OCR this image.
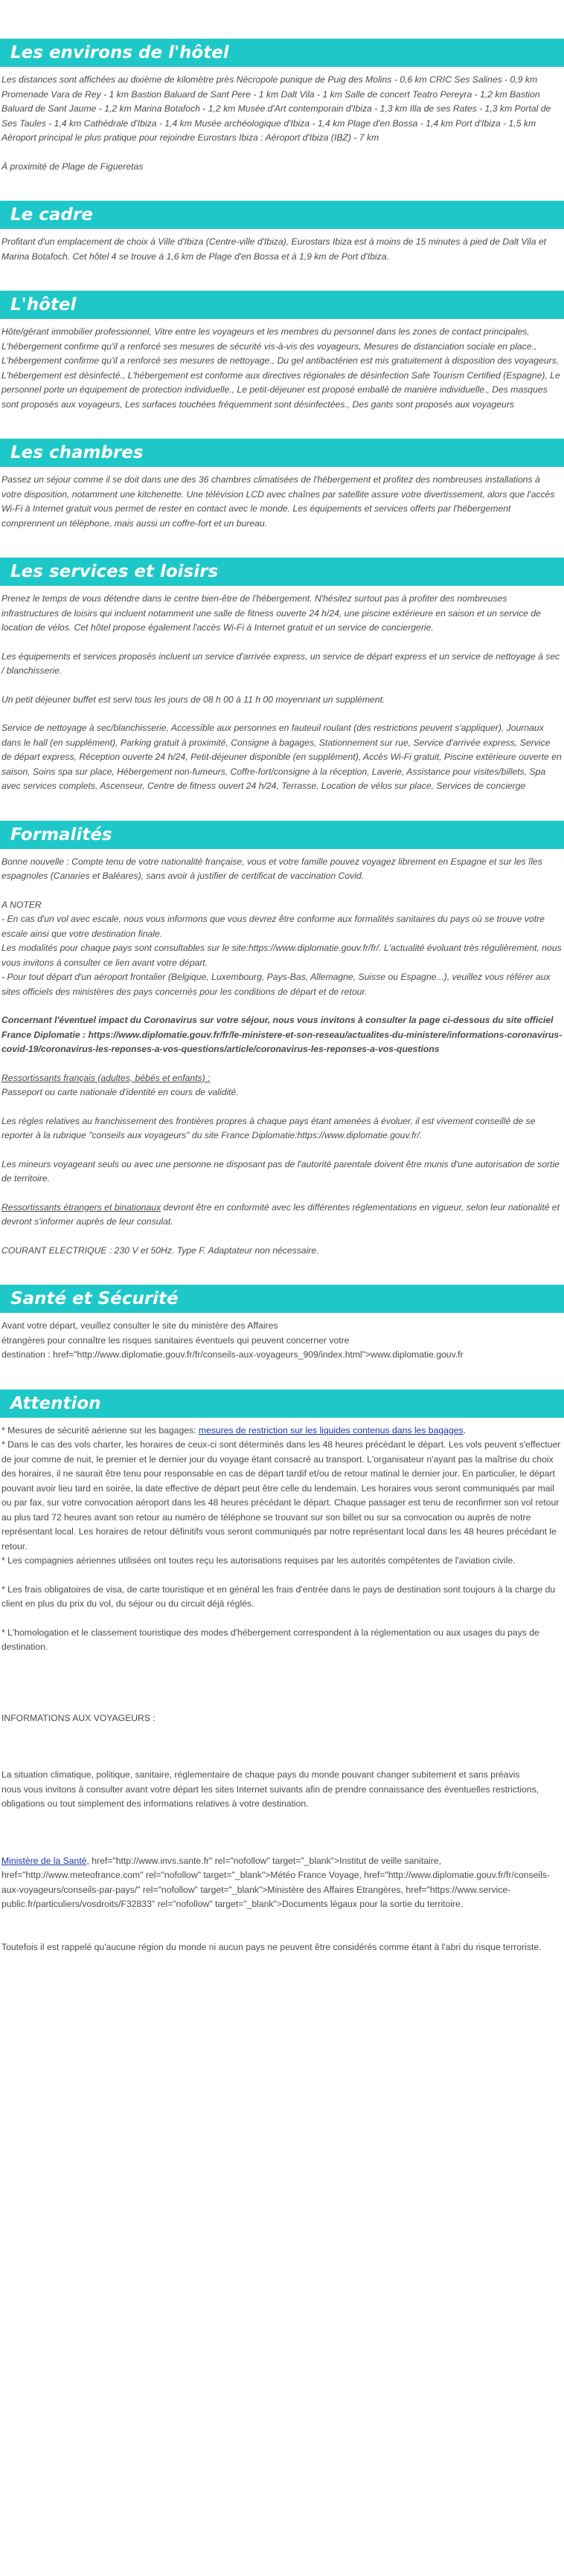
Les environs de l'hôtel

Les distances sont affichées au dixième de kilomètre près Nécropole punique de Puig des Molins - 0,6 km CRIC Ses Salines - 0,9 km Promenade Vara de Rey - 1 km Bastion Baluard de Sant Pere - 1 km Dalt Vila - 1 km Salle de concert Teatro Pereyra - 1,2 km Bastion Baluard de Sant Jaume - 1,2 km Marina Botafoch - 1,2 km Musée d'Art contemporain d'Ibiza - 1,3 km Illa de ses Rates - 1,3 km Portal de Ses Taules - 1,4 km Cathédrale d'Ibiza - 1,4 km Musée archéologique d'Ibiza - 1,4 km Plage d'en Bossa - 1,4 km Port d'Ibiza - 1,5 km Aéroport principal le plus pratique pour rejoindre Eurostars Ibiza : Aéroport d'Ibiza (IBZ) - 7 km

À proximité de Plage de Figueretas

Le cadre

Profitant d'un emplacement de choix à Ville d'Ibiza (Centre-ville d'Ibiza), Eurostars Ibiza est à moins de 15 minutes à pied de Dalt Vila et Marina Botafoch. Cet hôtel 4 se trouve à 1,6 km de Plage d'en Bossa et à 1,9 km de Port d'Ibiza.

L'hôtel

Hôte/gérant immobilier professionnel, Vitre entre les voyageurs et les membres du personnel dans les zones de contact principales, L'hébergement confirme qu'il a renforcé ses mesures de sécurité vis-à-vis des voyageurs, Mesures de distanciation sociale en place., L'hébergement confirme qu'il a renforcé ses mesures de nettoyage., Du gel antibactérien est mis gratuitement à disposition des voyageurs, L'hébergement est désinfecté., L'hébergement est conforme aux directives régionales de désinfection Safe Tourism Certified (Espagne), Le personnel porte un équipement de protection individuelle., Le petit-déjeuner est proposé emballé de manière individuelle., Des masques sont proposés aux voyageurs, Les surfaces touchées fréquemment sont désinfectées., Des gants sont proposés aux voyageurs

Les chambres

Passez un séjour comme il se doit dans une des 36 chambres climatisées de l'hébergement et profitez des nombreuses installations à votre disposition, notamment une kitchenette. Une télévision LCD avec chaînes par satellite assure votre divertissement, alors que l'accès Wi-Fi à Internet gratuit vous permet de rester en contact avec le monde. Les équipements et services offerts par l'hébergement comprennent un téléphone, mais aussi un coffre-fort et un bureau.

Les services et loisirs

Prenez le temps de vous détendre dans le centre bien-être de l'hébergement. N'hésitez surtout pas à profiter des nombreuses infrastructures de loisirs qui incluent notamment une salle de fitness ouverte 24 h/24, une piscine extérieure en saison et un service de location de vélos. Cet hôtel propose également l'accès Wi-Fi à Internet gratuit et un service de conciergerie.

Les équipements et services proposés incluent un service d'arrivée express, un service de départ express et un service de nettoyage à sec / blanchisserie.

Un petit déjeuner buffet est servi tous les jours de 08 h 00 à 11 h 00 moyennant un supplément.

Service de nettoyage à sec/blanchisserie, Accessible aux personnes en fauteuil roulant (des restrictions peuvent s'appliquer), Journaux dans le hall (en supplément), Parking gratuit à proximité, Consigne à bagages, Stationnement sur rue, Service d'arrivée express, Service de départ express, Réception ouverte 24 h/24, Petit-déjeuner disponible (en supplément), Accès Wi-Fi gratuit, Piscine extérieure ouverte en saison, Soins spa sur place, Hébergement non-fumeurs, Coffre-fort/consigne à la réception, Laverie, Assistance pour visites/billets, Spa avec services complets, Ascenseur, Centre de fitness ouvert 24 h/24, Terrasse, Location de vélos sur place, Services de concierge

Formalités

Bonne nouvelle : Compte tenu de votre nationalité française, vous et votre famille pouvez voyagez librement en Espagne et sur les îles espagnoles (Canaries et Baléares), sans avoir à justifier de certificat de vaccination Covid.

A NOTER

- En cas d'un vol avec escale, nous vous informons que vous devrez être conforme aux formalités sanitaires du pays où se trouve votre escale ainsi que votre destination finale.

Les modalités pour chaque pays sont consultables sur le site:https://www.diplomatie.gouv.fr/fr/. L'actualité évoluant très régulièrement, nous vous invitons à consulter ce lien avant votre départ.

- Pour tout départ d'un aéroport frontalier (Belgique, Luxembourg, Pays-Bas, Allemagne, Suisse ou Espagne...), veuillez vous référer aux sites officiels des ministères des pays concernés pour les conditions de départ et de retour.

Concernant l'éventuel impact du Coronavirus sur votre séjour, nous vous invitons à consulter la page ci-dessous du site officiel France Diplomatie : https://www.diplomatie.gouv.fr/fr/le-ministere-et-son-reseau/actualites-du-ministere/informations-coronavirus-covid-19/coronavirus-les-reponses-a-vos-questions/article/coronavirus-les-reponses-a-vos-questions

Ressortissants français (adultes, bébés et enfants) :

Passeport ou carte nationale d'identité en cours de validité.

Les règles relatives au franchissement des frontières propres à chaque pays étant amenées à évoluer, il est vivement conseillé de se reporter à la rubrique "conseils aux voyageurs" du site France Diplomatie:https://www.diplomatie.gouv.fr/.

Les mineurs voyageant seuls ou avec une personne ne disposant pas de l'autorité parentale doivent être munis d'une autorisation de sortie de territoire.

Ressortissants étrangers et binationaux devront être en conformité avec les différentes réglementations en vigueur, selon leur nationalité et devront s'informer auprès de leur consulat.

COURANT ELECTRIQUE : 230 V et 50Hz. Type F. Adaptateur non nécessaire.

Santé et Sécurité

Avant votre départ, veuillez consulter le site du ministère des Affaires

étrangères pour connaître les risques sanitaires éventuels qui peuvent concerner votre

destination : href="http://www.diplomatie.gouv.fr/fr/conseils-aux-voyageurs_909/index.html">www.diplomatie.gouv.fr

Attention

* Mesures de sécurité aérienne sur les bagages: mesures de restriction sur les liquides contenus dans les bagages.

* Dans le cas des vols charter, les horaires de ceux-ci sont déterminés dans les 48 heures précédant le départ. Les vols peuvent s'effectuer de jour comme de nuit, le premier et le dernier jour du voyage étant consacré au transport. L'organisateur n'ayant pas la maîtrise du choix des horaires, il ne saurait être tenu pour responsable en cas de départ tardif et/ou de retour matinal le dernier jour. En particulier, le départ pouvant avoir lieu tard en soirée, la date effective de départ peut être celle du lendemain. Les horaires vous seront communiqués par mail ou par fax, sur votre convocation aéroport dans les 48 heures précédant le départ. Chaque passager est tenu de reconfirmer son vol retour au plus tard 72 heures avant son retour au numéro de téléphone se trouvant sur son billet ou sur sa convocation ou auprès de notre représentant local. Les horaires de retour définitifs vous seront communiqués par notre représentant local dans les 48 heures précédant le retour.

* Les compagnies aériennes utilisées ont toutes reçu les autorisations requises par les autorités compétentes de l'aviation civile.

* Les frais obligatoires de visa, de carte touristique et en général les frais d'entrée dans le pays de destination sont toujours à la charge du client en plus du prix du vol, du séjour ou du circuit déjà réglés.

* L'homologation et le classement touristique des modes d'hébergement correspondent à la réglementation ou aux usages du pays de destination.

INFORMATIONS AUX VOYAGEURS :

La situation climatique, politique, sanitaire, réglementaire de chaque pays du monde pouvant changer subitement et sans préavis

nous vous invitons à consulter avant votre départ les sites Internet suivants afin de prendre connaissance des éventuelles restrictions, obligations ou tout simplement des informations relatives à votre destination.

Ministère de la Santé, href="http://www.invs.sante.fr" rel="nofollow" target="_blank">Institut de veille sanitaire, href="http://www.meteofrance.com" rel="nofollow" target="_blank">Météo France Voyage, href="http://www.diplomatie.gouv.fr/fr/conseils-aux-voyageurs/conseils-par-pays/" rel="nofollow" target="_blank">Ministère des Affaires Etrangères, href="https://www.service-public.fr/particuliers/vosdroits/F32833" rel="nofollow" target="_blank">Documents légaux pour la sortie du territoire.

Toutefois il est rappelé qu'aucune région du monde ni aucun pays ne peuvent être considérés comme étant à l'abri du risque terroriste.
